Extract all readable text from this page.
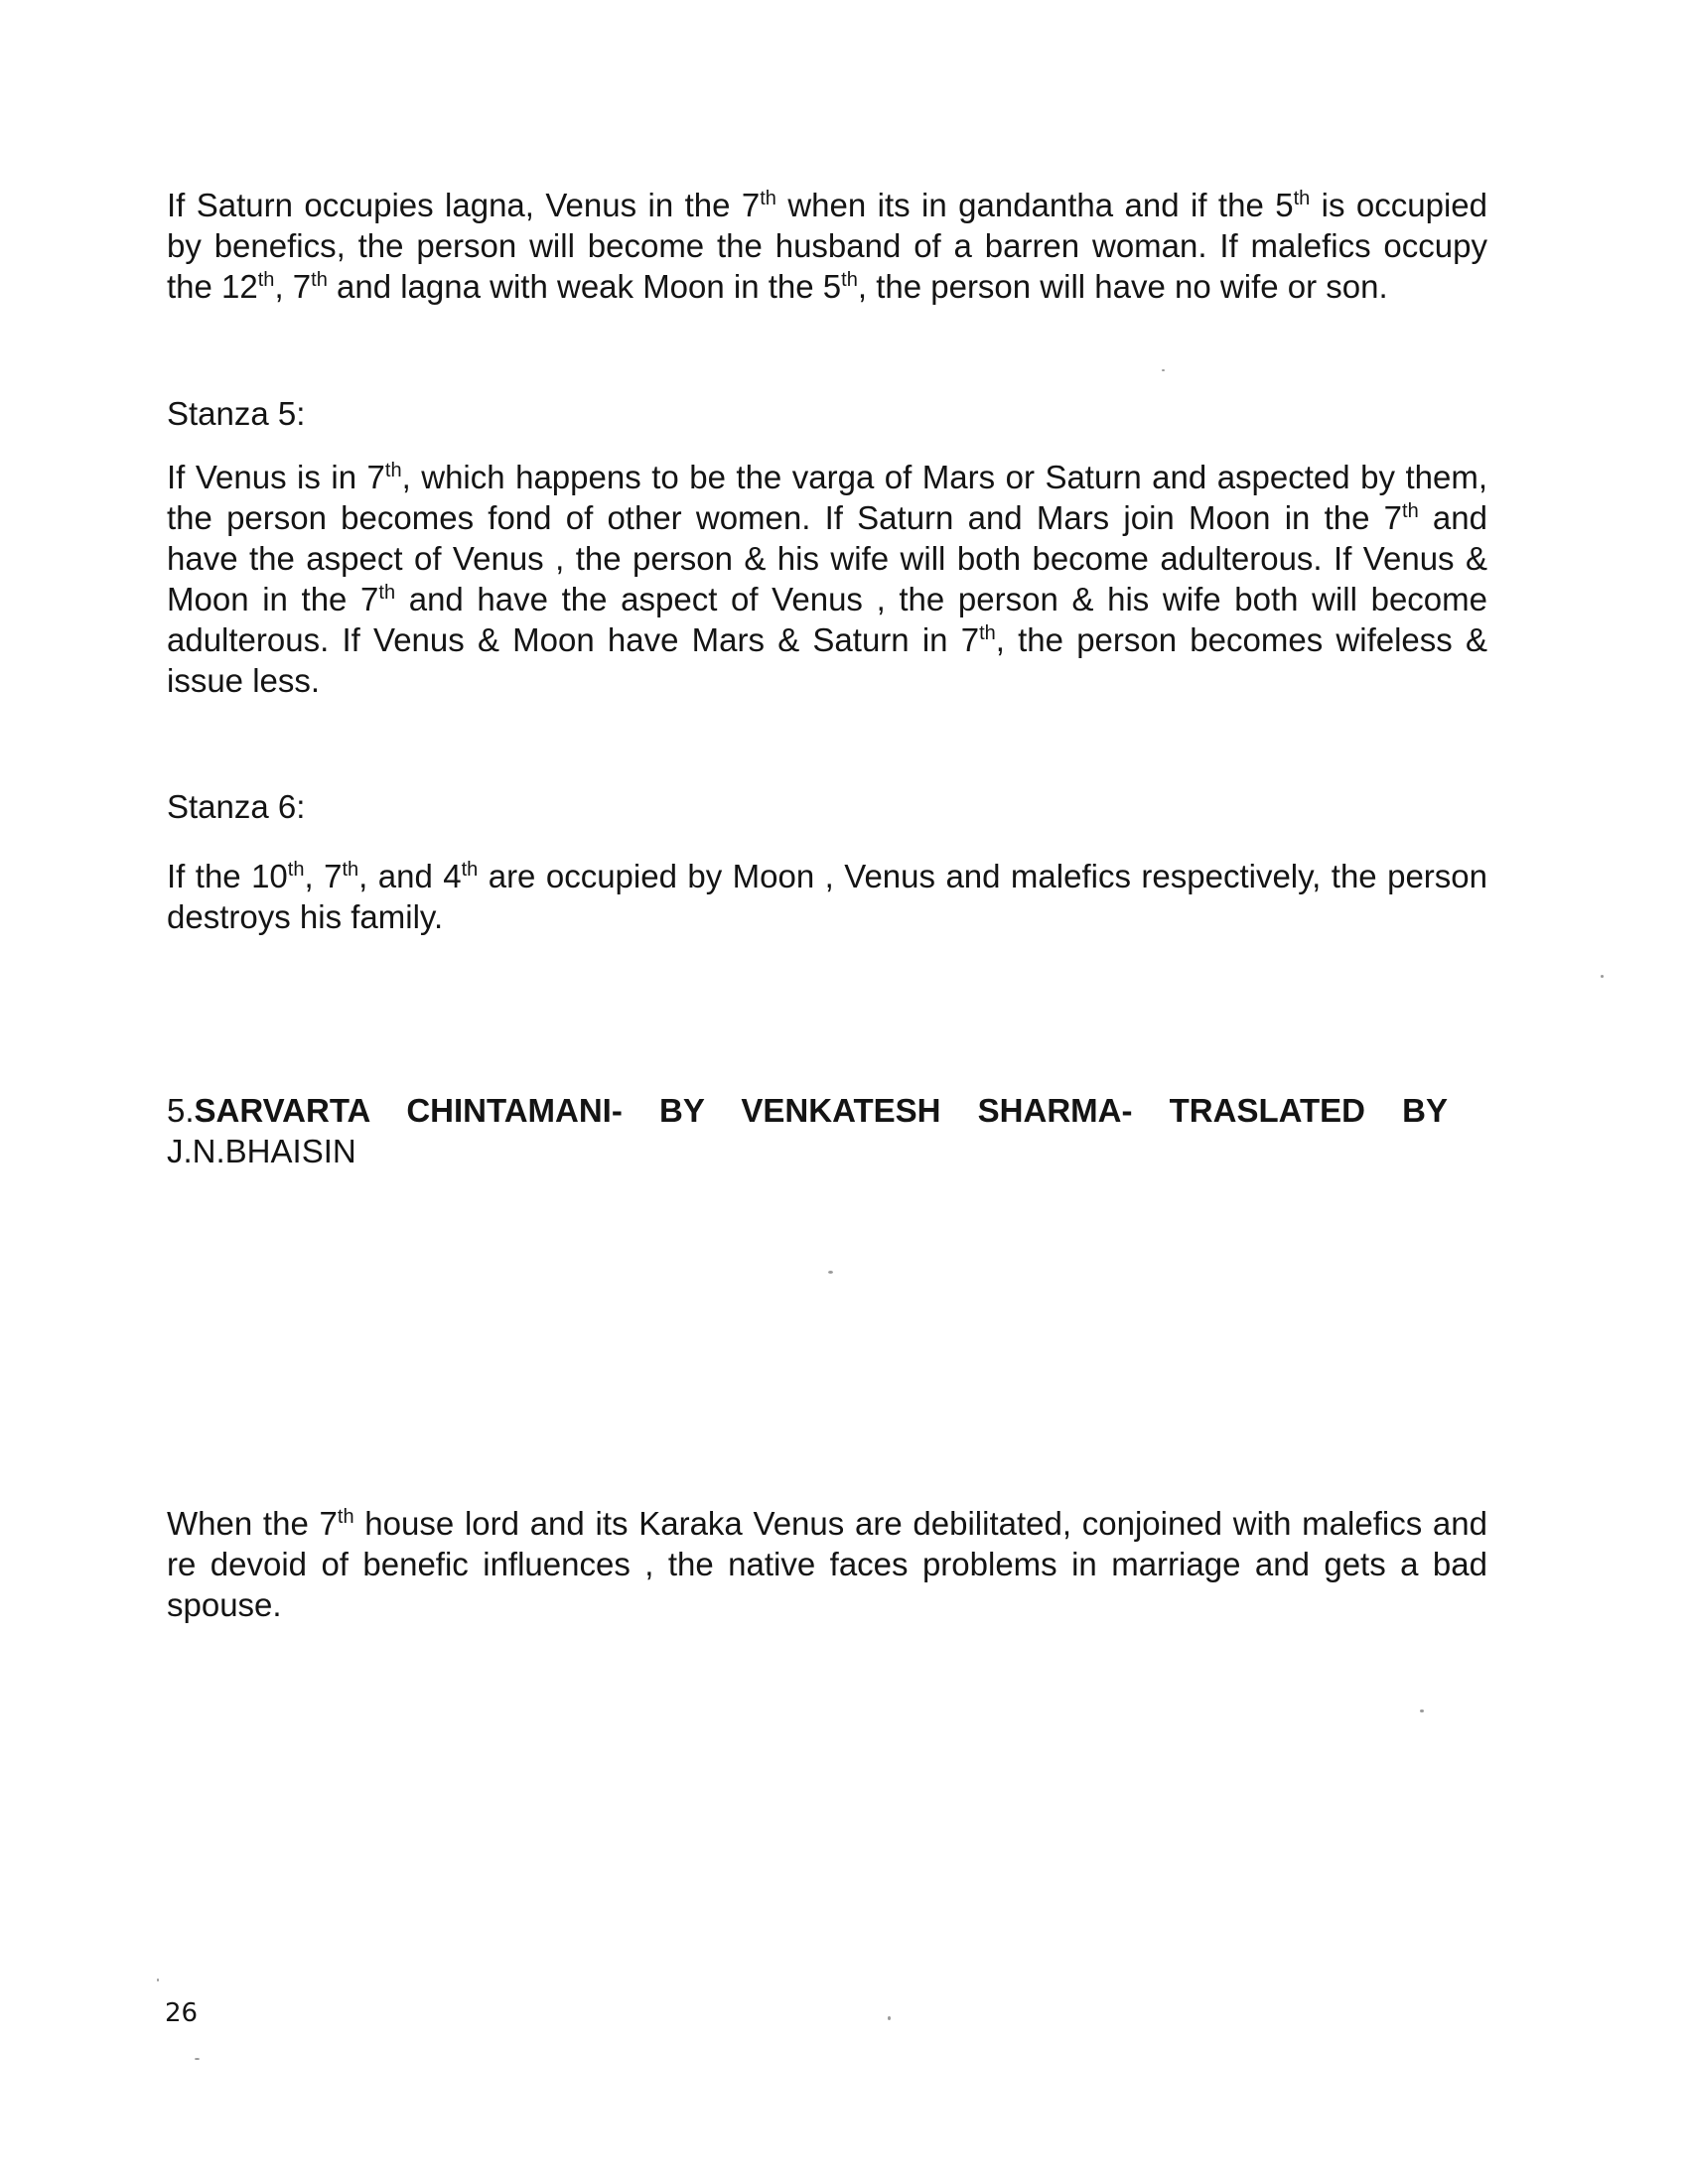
If Saturn occupies lagna, Venus in the 7th when its in gandantha and if the 5th is occupied by benefics, the person will become the husband of a barren woman. If malefics occupy the 12th, 7th and lagna with weak Moon in the 5th, the person will have no wife or son.

Stanza 5:

If Venus is in 7th, which happens to be the varga of Mars or Saturn and aspected by them, the person becomes fond of other women. If Saturn and Mars join Moon in the 7th and have the aspect of Venus , the person & his wife will both become adulterous. If Venus & Moon in the 7th and have the aspect of Venus , the person & his wife both will become adulterous. If Venus & Moon have Mars & Saturn in 7th, the person becomes wifeless & issue less.

Stanza 6:

If the 10th, 7th, and 4th are occupied by Moon , Venus and malefics respectively, the person destroys his family.

5.SARVARTA CHINTAMANI- BY VENKATESH SHARMA- TRASLATED BY

J.N.BHAISIN

When the 7th house lord and its Karaka Venus are debilitated, conjoined with malefics and re devoid of benefic influences , the native faces problems in marriage and gets a bad spouse.

26
